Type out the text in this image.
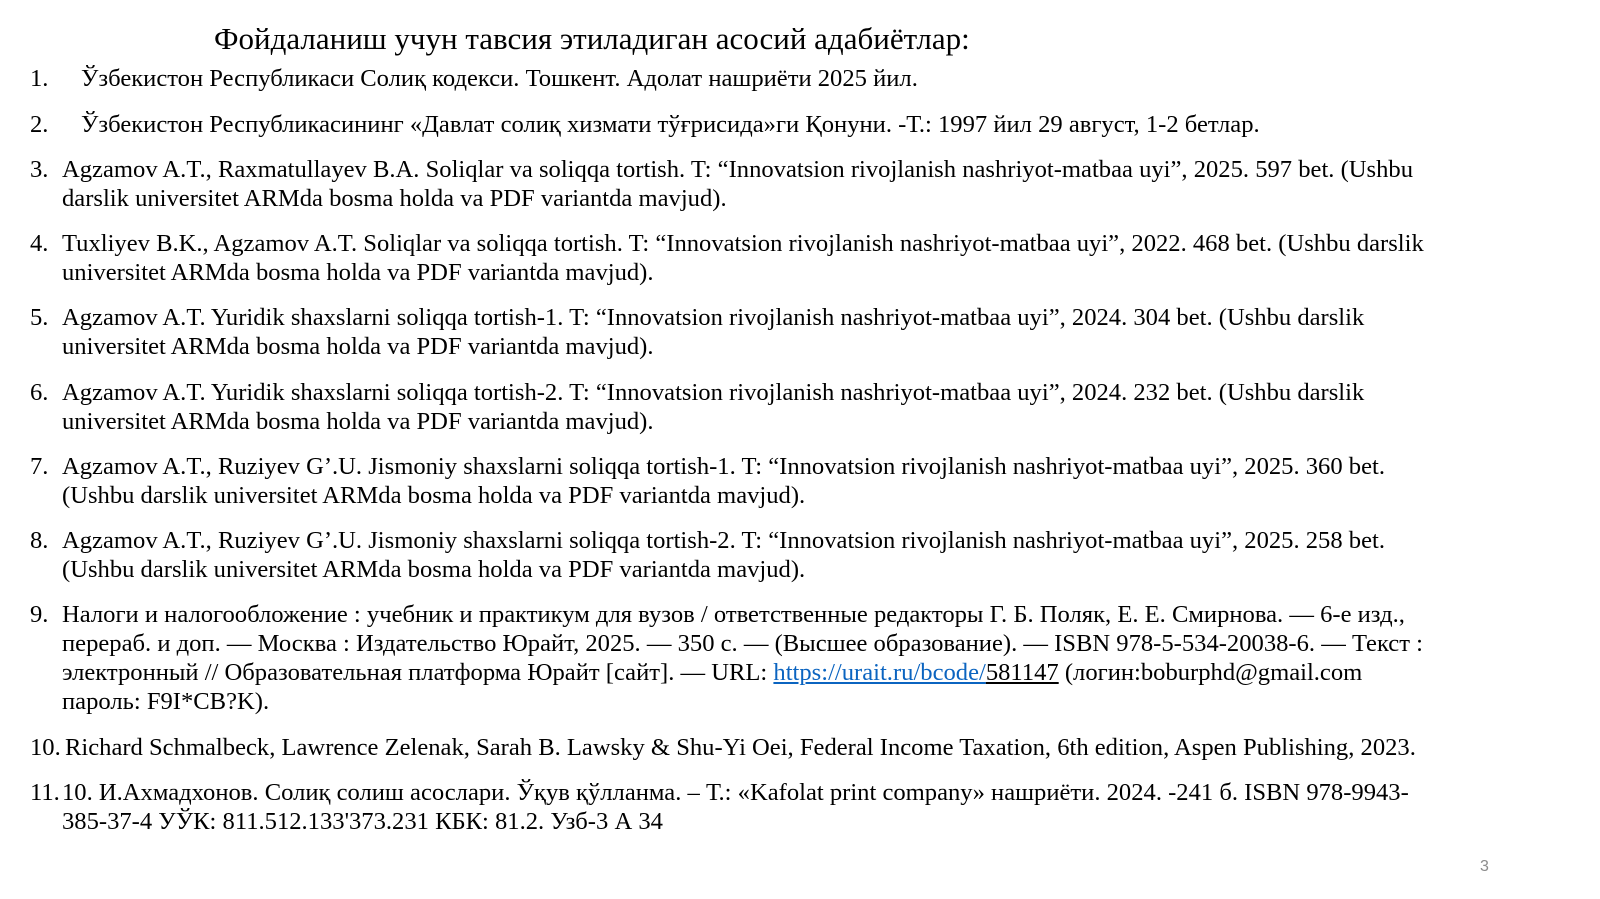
Фойдаланиш учун тавсия этиладиган асосий адабиётлар:
1. Ўзбекистон Республикаси Солиқ кодекси. Тошкент. Адолат нашриёти 2025 йил.
2. Ўзбекистон Республикасининг «Давлат солиқ хизмати тўғрисида»ги Қонуни. -Т.: 1997 йил 29 август, 1-2 бетлар.
3. Agzamov A.T., Raxmatullayev B.A. Soliqlar va soliqqa tortish. T: “Innovatsion rivojlanish nashriyot-matbaa uyi”, 2025. 597 bet. (Ushbu
darslik universitet ARMda bosma holda va PDF variantda mavjud).
4. Tuxliyev B.K., Agzamov A.T. Soliqlar va soliqqa tortish. T: “Innovatsion rivojlanish nashriyot-matbaa uyi”, 2022. 468 bet. (Ushbu darslik
universitet ARMda bosma holda va PDF variantda mavjud).
5. Agzamov A.T. Yuridik shaxslarni soliqqa tortish-1. T: “Innovatsion rivojlanish nashriyot-matbaa uyi”, 2024. 304 bet. (Ushbu darslik
universitet ARMda bosma holda va PDF variantda mavjud).
6. Agzamov A.T. Yuridik shaxslarni soliqqa tortish-2. T: “Innovatsion rivojlanish nashriyot-matbaa uyi”, 2024. 232 bet. (Ushbu darslik
universitet ARMda bosma holda va PDF variantda mavjud).
7. Agzamov A.T., Ruziyev G’.U. Jismoniy shaxslarni soliqqa tortish-1. T: “Innovatsion rivojlanish nashriyot-matbaa uyi”, 2025. 360 bet.
(Ushbu darslik universitet ARMda bosma holda va PDF variantda mavjud).
8. Agzamov A.T., Ruziyev G’.U. Jismoniy shaxslarni soliqqa tortish-2. T: “Innovatsion rivojlanish nashriyot-matbaa uyi”, 2025. 258 bet.
(Ushbu darslik universitet ARMda bosma holda va PDF variantda mavjud).
9. Налоги и налогообложение : учебник и практикум для вузов / ответственные редакторы Г. Б. Поляк, Е. Е. Смирнова. — 6-е изд.,
перераб. и доп. — Москва : Издательство Юрайт, 2025. — 350 с. — (Высшее образование). — ISBN 978-5-534-20038-6. — Текст :
электронный // Образовательная платформа Юрайт [сайт]. — URL: https://urait.ru/bcode/581147 (логин:boburphd@gmail.com
пароль: F9I*CB?K).
10. Richard Schmalbeck, Lawrence Zelenak, Sarah B. Lawsky & Shu-Yi Oei, Federal Income Taxation, 6th edition, Aspen Publishing, 2023.
11. 10. И.Ахмадхонов. Солиқ солиш асослари. Ўқув қўлланма. – Т.: «Kafolat print company» нашриёти. 2024. -241 б. ISBN 978-9943-
385-37-4 УЎК: 811.512.133'373.231 КБК: 81.2. Узб-3 А 34
3
